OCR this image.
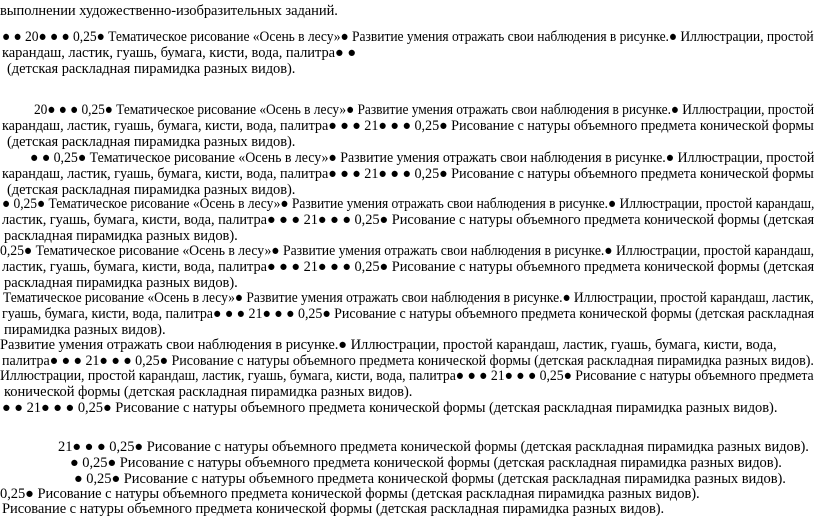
выполнении художественно-изобразительных заданий.

● ● 20● ● ● 0,25● Тематическое рисование «Осень в лесу»● Развитие умения отражать свои наблюдения в рисунке.● Иллюстрации, простой

карандаш, ластик, гуашь, бумага, кисти, вода, палитра● ●

(детская раскладная пирамидка разных видов).

20● ● ● 0,25● Тематическое рисование «Осень в лесу»● Развитие умения отражать свои наблюдения в рисунке.● Иллюстрации, простой

карандаш, ластик, гуашь, бумага, кисти, вода, палитра● ● ● 21● ● ● 0,25● Рисование с натуры объемного предмета конической формы

(детская раскладная пирамидка разных видов).

● ● 0,25● Тематическое рисование «Осень в лесу»● Развитие умения отражать свои наблюдения в рисунке.● Иллюстрации, простой

карандаш, ластик, гуашь, бумага, кисти, вода, палитра● ● ● 21● ● ● 0,25● Рисование с натуры объемного предмета конической формы

(детская раскладная пирамидка разных видов).

● 0,25● Тематическое рисование «Осень в лесу»● Развитие умения отражать свои наблюдения в рисунке.● Иллюстрации, простой карандаш,

ластик, гуашь, бумага, кисти, вода, палитра● ● ● 21● ● ● 0,25● Рисование с натуры объемного предмета конической формы (детская

раскладная пирамидка разных видов).

0,25● Тематическое рисование «Осень в лесу»● Развитие умения отражать свои наблюдения в рисунке.● Иллюстрации, простой карандаш,

ластик, гуашь, бумага, кисти, вода, палитра● ● ● 21● ● ● 0,25● Рисование с натуры объемного предмета конической формы (детская

раскладная пирамидка разных видов).

Тематическое рисование «Осень в лесу»● Развитие умения отражать свои наблюдения в рисунке.● Иллюстрации, простой карандаш, ластик,

гуашь, бумага, кисти, вода, палитра● ● ● 21● ● ● 0,25● Рисование с натуры объемного предмета конической формы (детская раскладная

пирамидка разных видов).

Развитие умения отражать свои наблюдения в рисунке.● Иллюстрации, простой карандаш, ластик, гуашь, бумага, кисти, вода,

палитра● ● ● 21● ● ● 0,25● Рисование с натуры объемного предмета конической формы (детская раскладная пирамидка разных видов).

Иллюстрации, простой карандаш, ластик, гуашь, бумага, кисти, вода, палитра● ● ● 21● ● ● 0,25● Рисование с натуры объемного предмета

конической формы (детская раскладная пирамидка разных видов).

● ● 21● ● ● 0,25● Рисование с натуры объемного предмета конической формы (детская раскладная пирамидка разных видов).

21● ● ● 0,25● Рисование с натуры объемного предмета конической формы (детская раскладная пирамидка разных видов).

● 0,25● Рисование с натуры объемного предмета конической формы (детская раскладная пирамидка разных видов).

● 0,25● Рисование с натуры объемного предмета конической формы (детская раскладная пирамидка разных видов).

0,25● Рисование с натуры объемного предмета конической формы (детская раскладная пирамидка разных видов).

Рисование с натуры объемного предмета конической формы (детская раскладная пирамидка разных видов).
